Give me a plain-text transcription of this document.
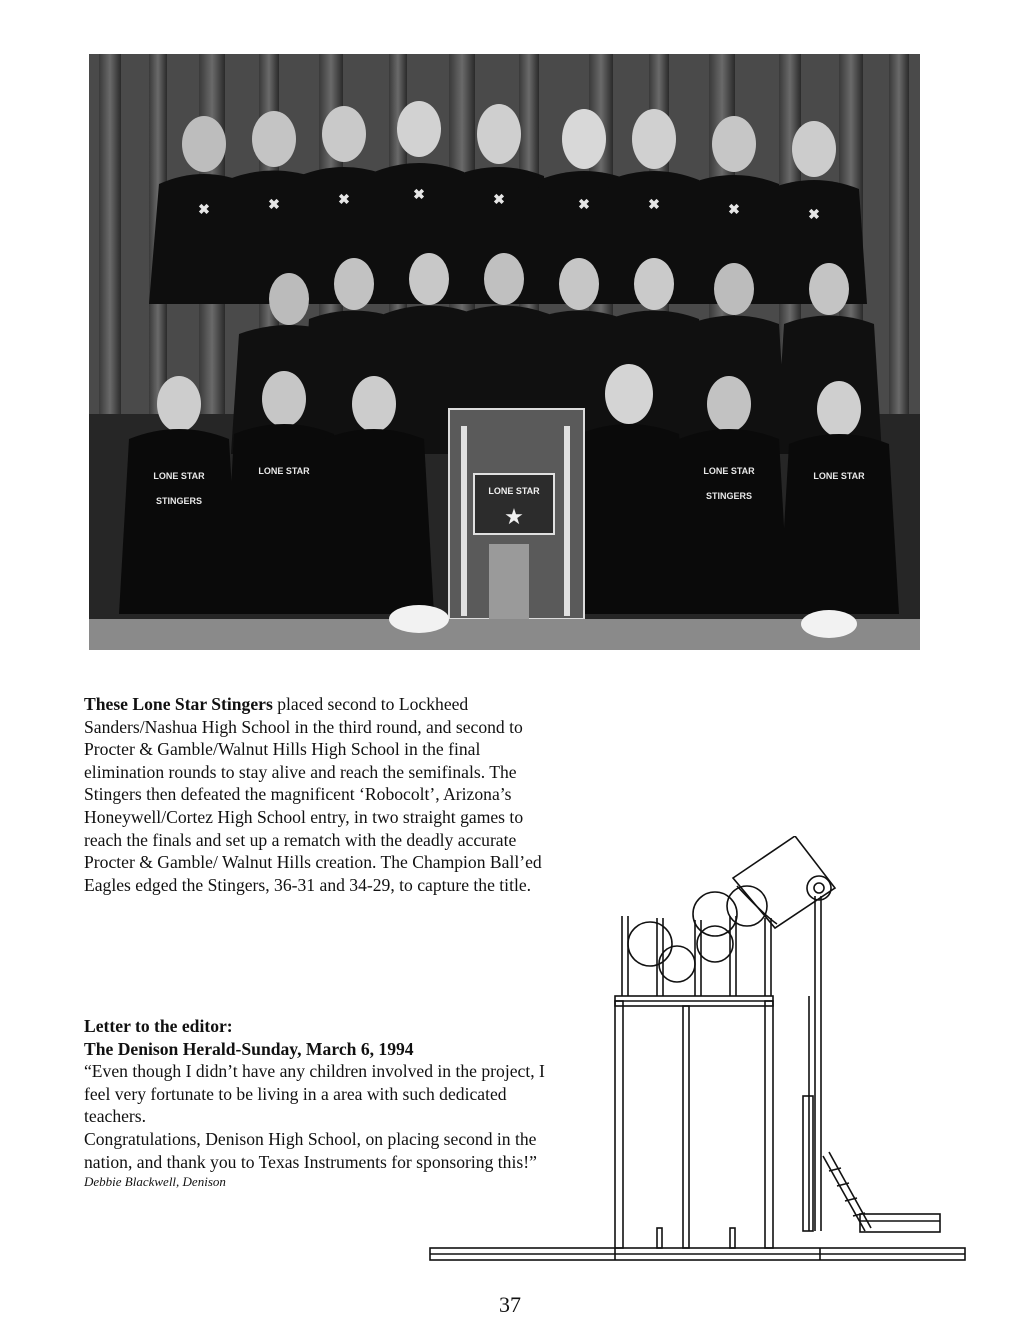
✖	✖	✖	✖	✖	✖	✖	✖	✖
LONE STAR
STINGERS
LONE STAR	LONE STAR
STINGERS
LONE STAR
LONE STAR
★

These Lone Star Stingers placed second to Lockheed Sanders/Nashua High School in the third round, and second to Procter & Gamble/Walnut Hills High School in the final elimination rounds to stay alive and reach the semifinals. The Stingers then defeated the magnificent ‘Robocolt’, Arizona’s Honeywell/Cortez High School entry, in two straight games to reach the finals and set up a rematch with the deadly accurate Procter & Gamble/ Walnut Hills creation. The Champion Ball’ed Eagles edged the Stingers, 36-31 and 34-29, to capture the title.

Letter to the editor:
The Denison Herald-Sunday, March 6, 1994
“Even though I didn’t have any children involved in the project, I feel very fortunate to be living in a area with such dedicated teachers.
Congratulations, Denison High School, on placing second in the nation, and thank you to Texas Instruments for sponsoring this!”
Debbie Blackwell, Denison
37
